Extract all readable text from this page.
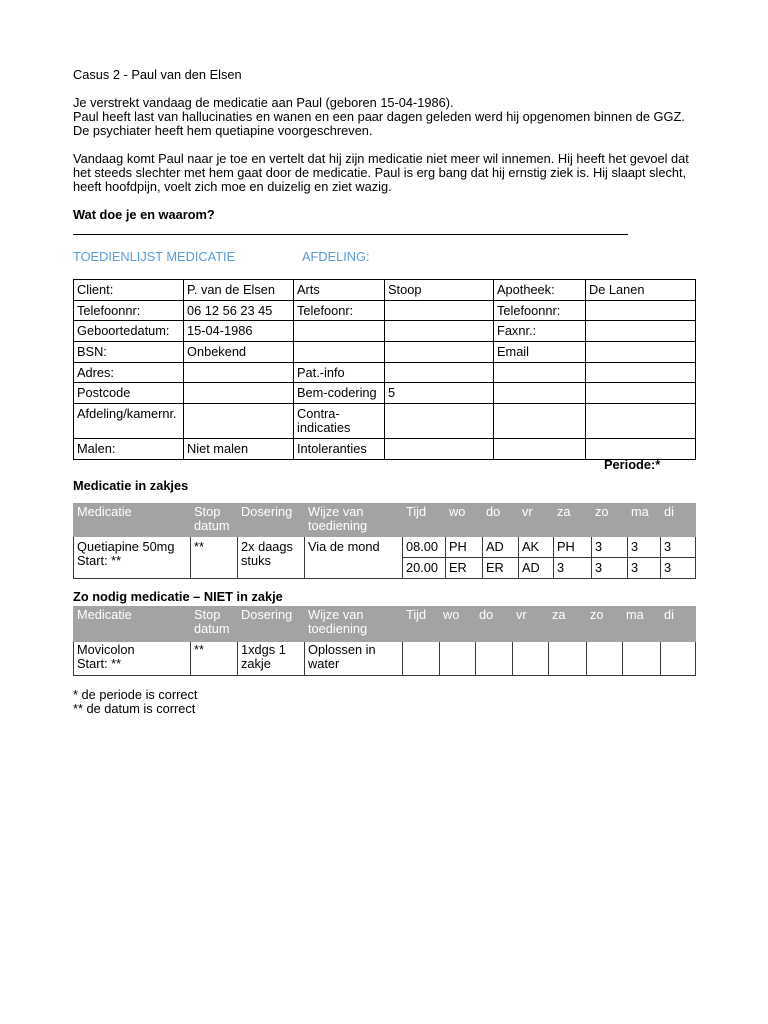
Casus 2 - Paul van den Elsen
Je verstrekt vandaag de medicatie aan Paul (geboren 15-04-1986).
Paul heeft last van hallucinaties en wanen en een paar dagen geleden werd hij opgenomen binnen de GGZ.
De psychiater heeft hem quetiapine voorgeschreven.
Vandaag komt Paul naar je toe en vertelt dat hij zijn medicatie niet meer wil innemen. Hij heeft het gevoel dat
het steeds slechter met hem gaat door de medicatie. Paul is erg bang dat hij ernstig ziek is. Hij slaapt slecht,
heeft hoofdpijn, voelt zich moe en duizelig en ziet wazig.
Wat doe je en waarom?
TOEDIENLIJST MEDICATIE	AFDELING:
Client:	P. van de Elsen	Arts	Stoop	Apotheek:	De Lanen
Telefoonnr:	06 12 56 23 45	Telefoonr:		Telefoonnr:	
Geboortedatum:	15-04-1986			Faxnr.:	
BSN:	Onbekend			Email	
Adres:		Pat.-info			
Postcode		Bem-codering	5		
Afdeling/kamernr.		Contra-indicaties			
Malen:	Niet malen	Intoleranties			
Periode:*
Medicatie in zakjes
Medicatie	Stop datum	Dosering	Wijze van toediening	Tijd	wo	do	vr	za	zo	ma	di
Quetiapine 50mg
Start: **	**	2x daags stuks	Via de mond	08.00	PH	AD	AK	PH	3	3	3
				20.00	ER	ER	AD	3	3	3	3
Zo nodig medicatie – NIET in zakje
Medicatie	Stop datum	Dosering	Wijze van toediening	Tijd	wo	do	vr	za	zo	ma	di
Movicolon
Start: **	**	1xdgs 1 zakje	Oplossen in water								
* de periode is correct
** de datum is correct
